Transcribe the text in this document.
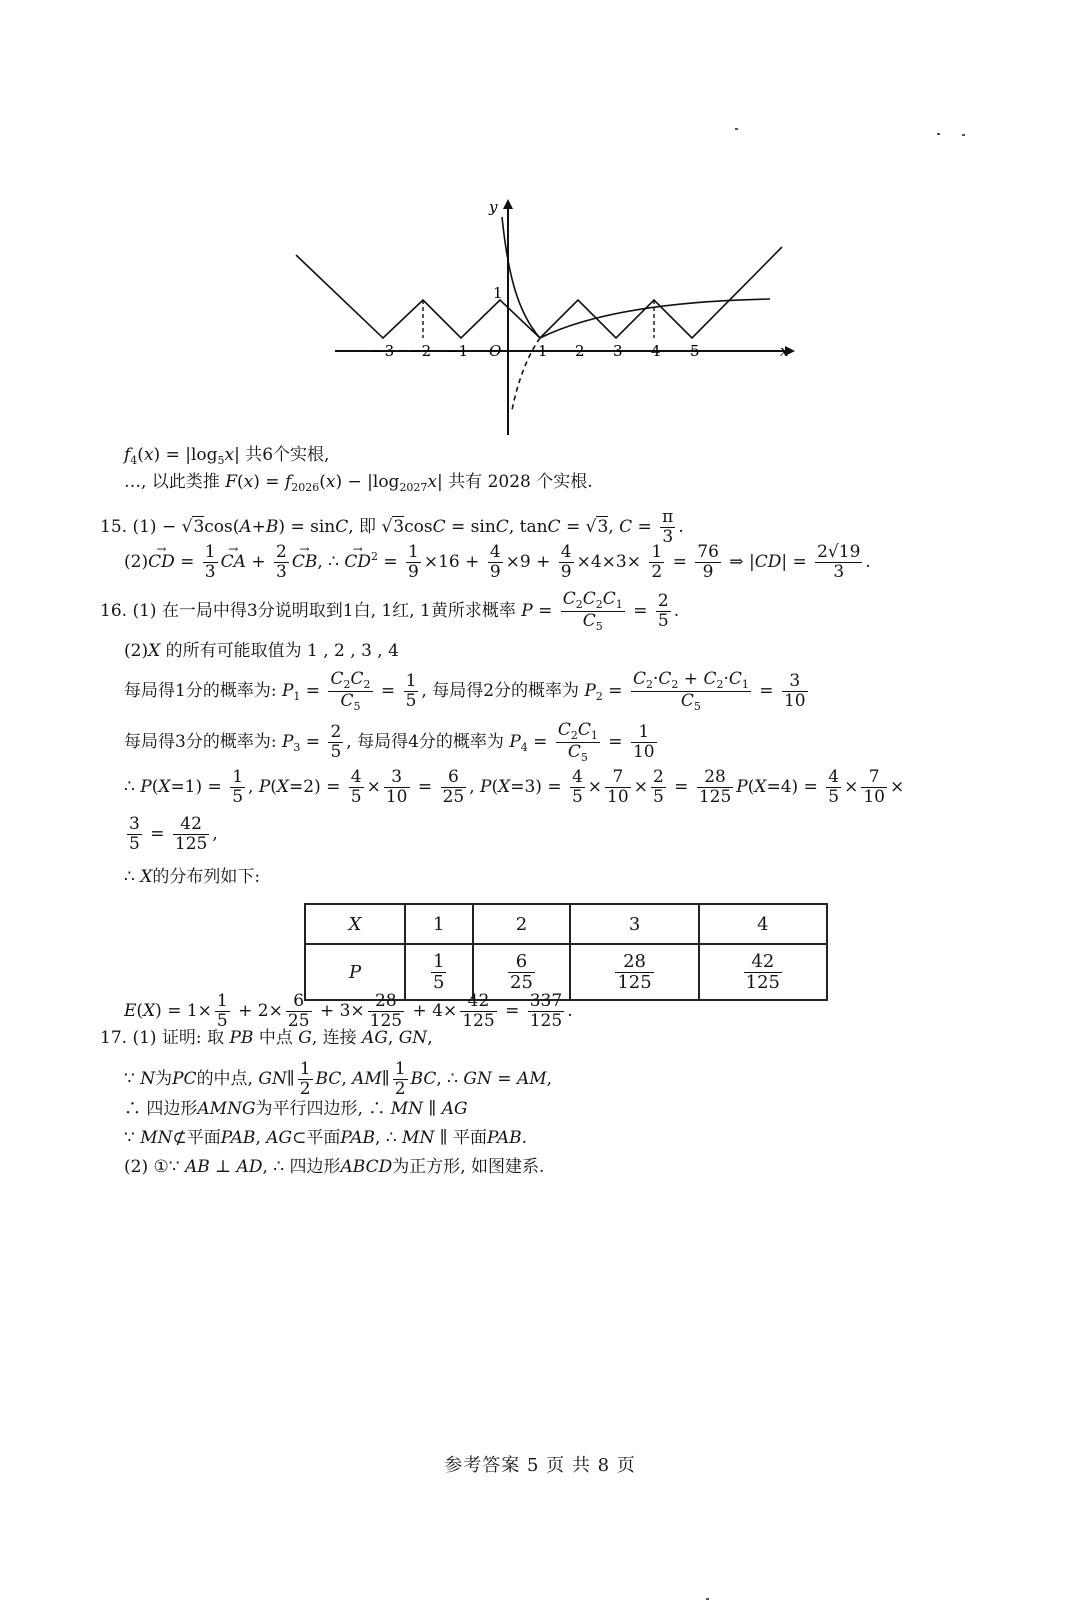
y
x
O
1
−3 −2 −1	1 2 3 4 5
$f_4(x) = |\log_5x|$ 共6个实根,
…, 以此类推 $F(x) = f_{2026}(x) - |\log_{2027}x|$ 共有 2028 个实根.
15. (1) − √3cos(A+B) = sinC, 即 √3cosC = sinC, tanC = √3, $C = \frac{\pi}{3}$ .
(2)→ CD = $\frac{1}{3}$ → CA + $\frac{2}{3}$ → CB, ∴ → $CD^2 = \frac{1}{9} \times 16 + \frac{4}{9} \times 9 + \frac{4}{9} \times 4\times 3\times \frac{1}{2} = \frac{76}{9}$ ⇒ $|CD| = \frac{2√19}{3}$ .
16. (1) 在一局中得3分说明取到1白, 1红, 1黄所求概率 $P = \frac{C_2C_2C_1}{C_5} = \frac{2}{5}$ .
(2)X 的所有可能取值为 1 , 2 , 3 , 4
每局得1分的概率为: $P_1 = \frac{C_2C_2}{C_5} = \frac{1}{5}$ , 每局得2分的概率为 $P_2 = \frac{C_2\cdot C_2 + C_2\cdot C_1}{C_5} = \frac{3}{10}$
每局得3分的概率为: $P_3 = \frac{2}{5}$ , 每局得4分的概率为 $P_4 = \frac{C_2C_1}{C_5} = \frac{1}{10}$
∴ $P(X=1) = \frac{1}{5}$ , $P(X=2) = \frac{4}{5} \times \frac{3}{10} = \frac{6}{25}$ , $P(X=3) = \frac{4}{5} \times \frac{7}{10} \times \frac{2}{5} = \frac{28}{125} P(X=4) = \frac{4}{5} \times \frac{7}{10}$ ×
$\frac{3}{5} = \frac{42}{125}$ ,
∴ X的分布列如下:
X	1	2	3	4
P	$\frac{1}{5}$	$\frac{6}{25}$	$\frac{28}{125}$	$\frac{42}{125}$
$E(X) = 1\times \frac{1}{5} + 2\times \frac{6}{25} + 3\times \frac{28}{125} + 4\times \frac{42}{125} = \frac{337}{125}$ .
17. (1) 证明: 取 PB 中点 G, 连接 AG, GN,
∵ N为PC的中点, GN∥ $\frac{1}{2}$ BC, AM∥ $\frac{1}{2}$ BC, ∴ GN = AM,
∴ 四边形AMNG为平行四边形, ∴ MN ∥ AG
∵ MN⊄平面PAB, AG⊂平面PAB, ∴ MN ∥ 平面PAB.
(2) ①∵ AB ⊥ AD, ∴ 四边形ABCD为正方形, 如图建系.
参考答案 5 页 共 8 页
